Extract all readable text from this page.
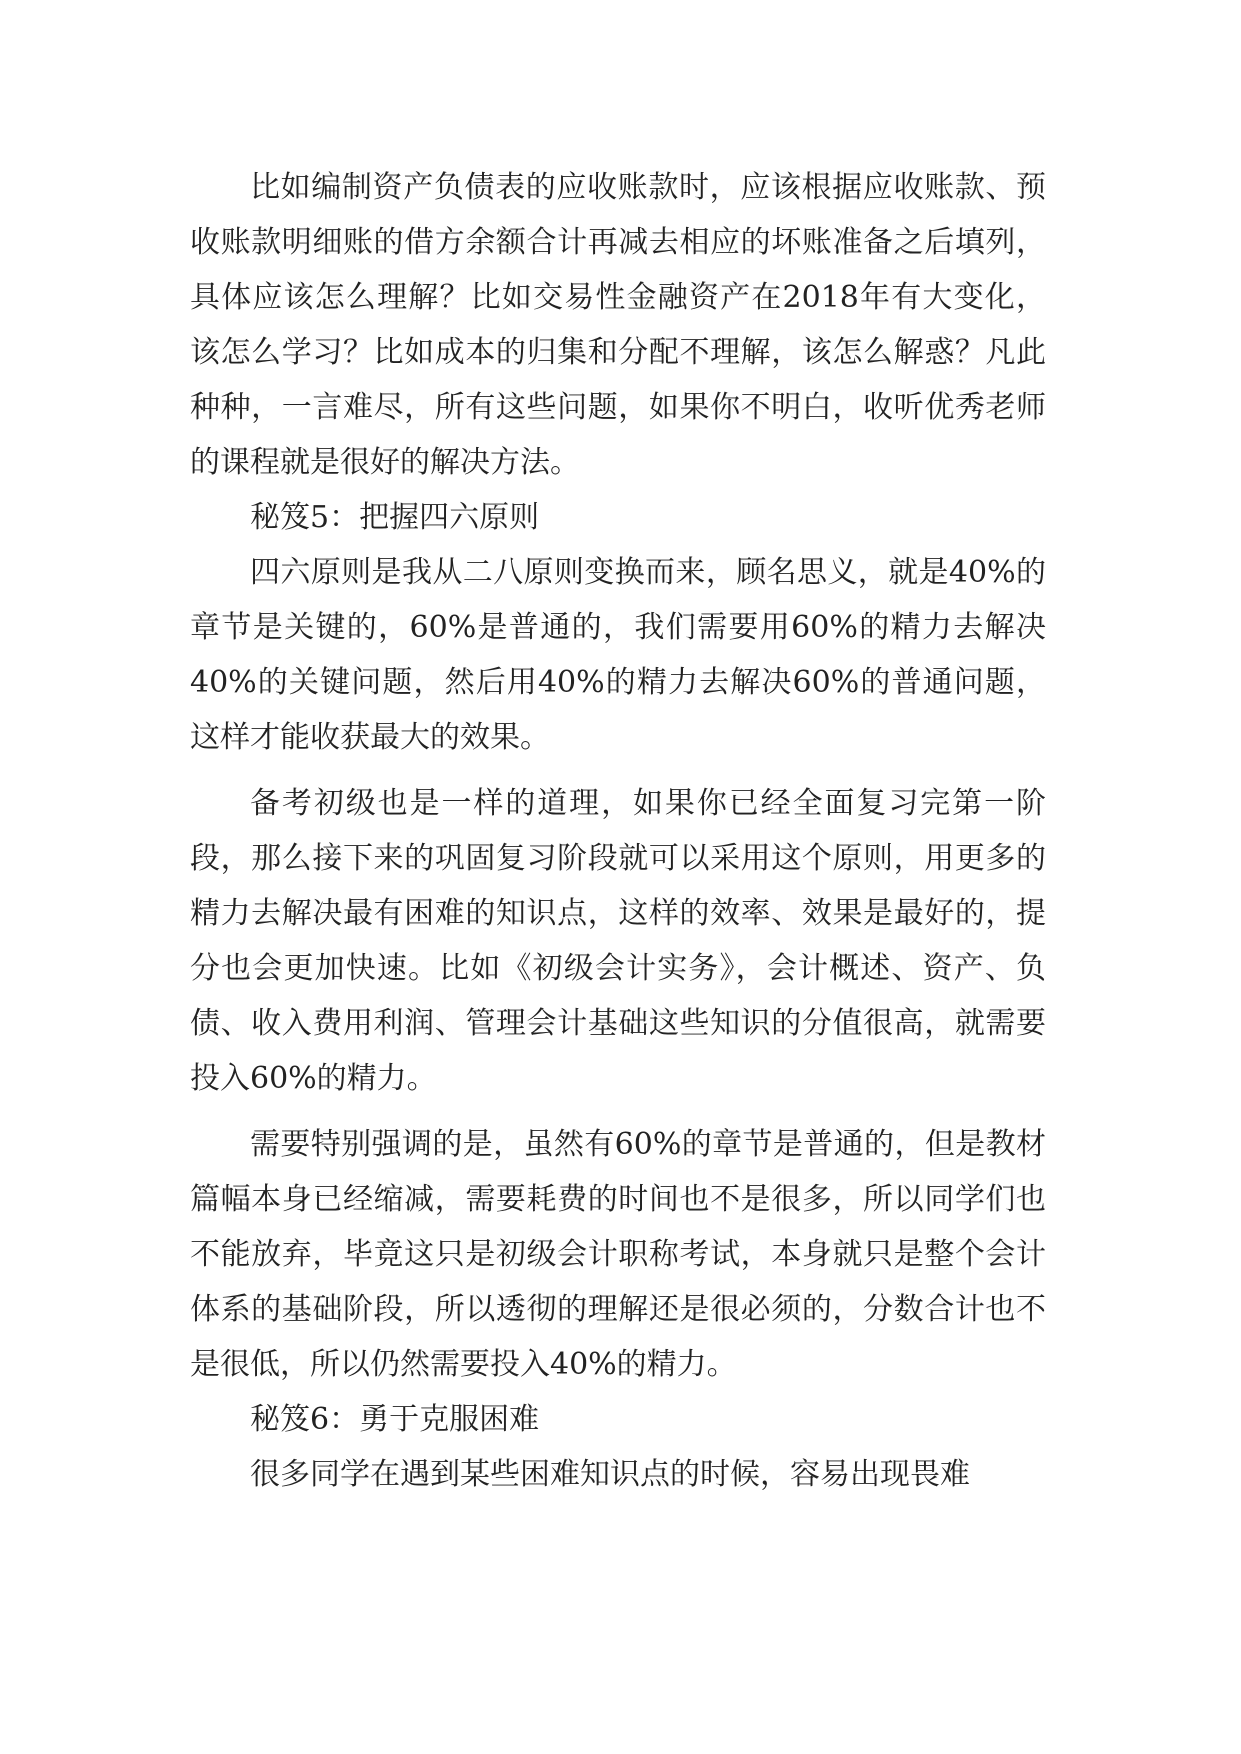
比如编制资产负债表的应收账款时，应该根据应收账款、预收账款明细账的借方余额合计再减去相应的坏账准备之后填列，具体应该怎么理解？比如交易性金融资产在2018年有大变化，该怎么学习？比如成本的归集和分配不理解，该怎么解惑？凡此种种，一言难尽，所有这些问题，如果你不明白，收听优秀老师的课程就是很好的解决方法。

秘笈5：把握四六原则

四六原则是我从二八原则变换而来，顾名思义，就是40%的章节是关键的，60%是普通的，我们需要用60%的精力去解决40%的关键问题，然后用40%的精力去解决60%的普通问题，这样才能收获最大的效果。

备考初级也是一样的道理，如果你已经全面复习完第一阶段，那么接下来的巩固复习阶段就可以采用这个原则，用更多的精力去解决最有困难的知识点，这样的效率、效果是最好的，提分也会更加快速。比如《初级会计实务》，会计概述、资产、负债、收入费用利润、管理会计基础这些知识的分值很高，就需要投入60%的精力。

需要特别强调的是，虽然有60%的章节是普通的，但是教材篇幅本身已经缩减，需要耗费的时间也不是很多，所以同学们也不能放弃，毕竟这只是初级会计职称考试，本身就只是整个会计体系的基础阶段，所以透彻的理解还是很必须的，分数合计也不是很低，所以仍然需要投入40%的精力。

秘笈6：勇于克服困难

很多同学在遇到某些困难知识点的时候，容易出现畏难
